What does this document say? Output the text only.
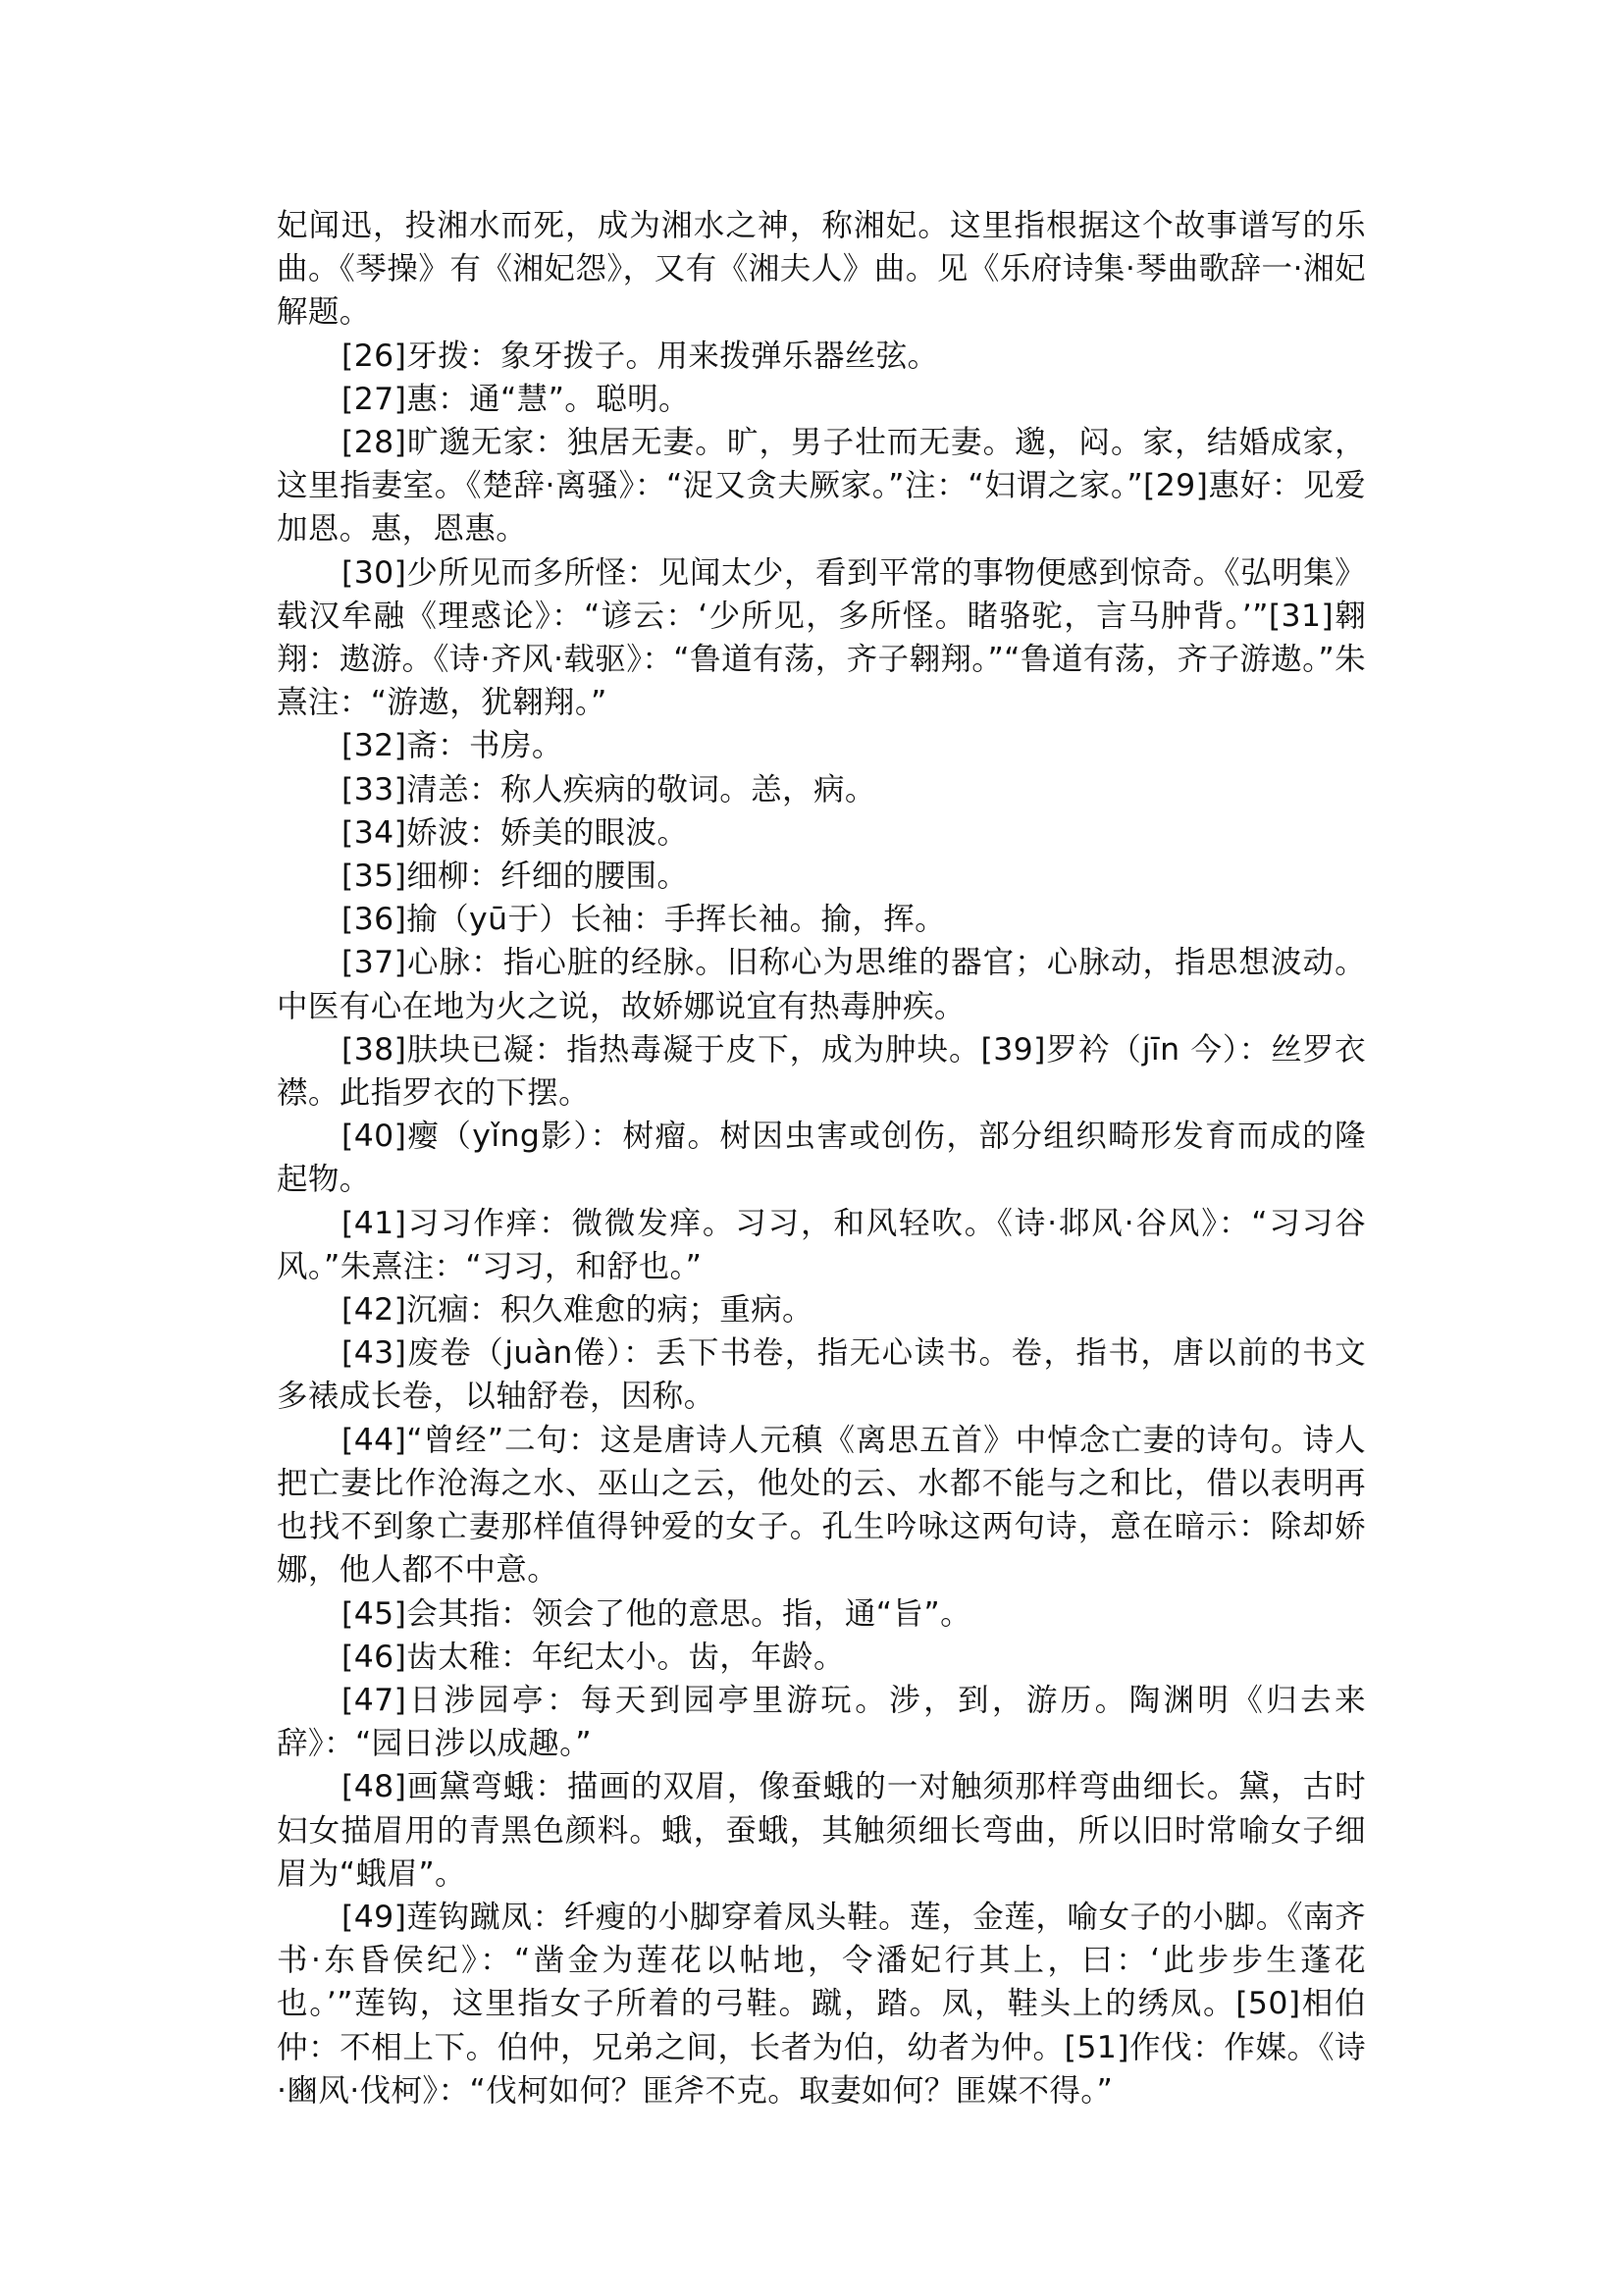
妃闻迅，投湘水而死，成为湘水之神，称湘妃。这里指根据这个故事谱写的乐曲。《琴操》有《湘妃怨》，又有《湘夫人》曲。见《乐府诗集·琴曲歌辞一·湘妃解题。

[26]牙拨：象牙拨子。用来拨弹乐器丝弦。

[27]惠：通“慧”。聪明。

[28]旷邈无家：独居无妻。旷，男子壮而无妻。邈，闷。家，结婚成家，这里指妻室。《楚辞·离骚》：“浞又贪夫厥家。”注：“妇谓之家。”[29]惠好：见爱加恩。惠，恩惠。

[30]少所见而多所怪：见闻太少，看到平常的事物便感到惊奇。《弘明集》载汉牟融《理惑论》：“谚云：‘少所见，多所怪。睹骆驼，言马肿背。’”[31]翱翔：遨游。《诗·齐风·载驱》：“鲁道有荡，齐子翱翔。”“鲁道有荡，齐子游遨。”朱熹注：“游遨，犹翱翔。”

[32]斋：书房。

[33]清恙：称人疾病的敬词。恙，病。

[34]娇波：娇美的眼波。

[35]细柳：纤细的腰围。

[36]揄（yū于）长袖：手挥长袖。揄，挥。

[37]心脉：指心脏的经脉。旧称心为思维的器官；心脉动，指思想波动。中医有心在地为火之说，故娇娜说宜有热毒肿疾。

[38]肤块已凝：指热毒凝于皮下，成为肿块。[39]罗衿（jīn 今）：丝罗衣襟。此指罗衣的下摆。

[40]瘿（yǐng影）：树瘤。树因虫害或创伤，部分组织畸形发育而成的隆起物。

[41]习习作痒：微微发痒。习习，和风轻吹。《诗·邶风·谷风》：“习习谷风。”朱熹注：“习习，和舒也。”

[42]沉痼：积久难愈的病；重病。

[43]废卷（juàn倦）：丢下书卷，指无心读书。卷，指书，唐以前的书文多裱成长卷，以轴舒卷，因称。

[44]“曾经”二句：这是唐诗人元稹《离思五首》中悼念亡妻的诗句。诗人把亡妻比作沧海之水、巫山之云，他处的云、水都不能与之和比，借以表明再也找不到象亡妻那样值得钟爱的女子。孔生吟咏这两句诗，意在暗示：除却娇娜，他人都不中意。

[45]会其指：领会了他的意思。指，通“旨”。

[46]齿太稚：年纪太小。齿，年龄。

[47]日涉园亭：每天到园亭里游玩。涉，到，游历。陶渊明《归去来辞》：“园日涉以成趣。”

[48]画黛弯蛾：描画的双眉，像蚕蛾的一对触须那样弯曲细长。黛，古时妇女描眉用的青黑色颜料。蛾，蚕蛾，其触须细长弯曲，所以旧时常喻女子细眉为“蛾眉”。

[49]莲钩蹴凤：纤瘦的小脚穿着凤头鞋。莲，金莲，喻女子的小脚。《南齐书·东昏侯纪》：“凿金为莲花以帖地，令潘妃行其上，曰：‘此步步生蓬花也。’”莲钩，这里指女子所着的弓鞋。蹴，踏。凤，鞋头上的绣凤。[50]相伯仲：不相上下。伯仲，兄弟之间，长者为伯，幼者为仲。[51]作伐：作媒。《诗·豳风·伐柯》：“伐柯如何？匪斧不克。取妻如何？匪媒不得。”
